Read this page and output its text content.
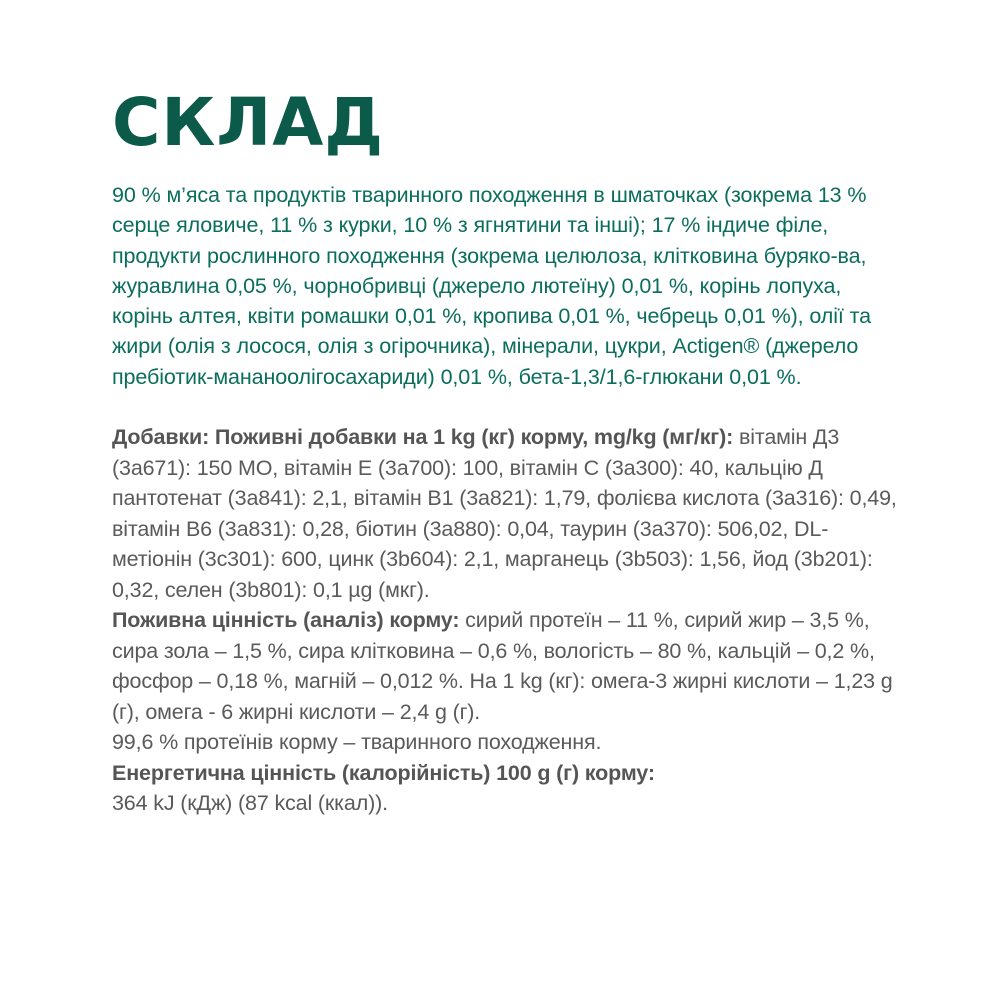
СКЛАД

90 % м’яса та продуктів тваринного походження в шматочках (зокрема 13 % серце яловиче, 11 % з курки, 10 % з ягнятини та інші); 17 % індиче філе, продукти рослинного походження (зокрема целюлоза, клітковина буряко-ва, журавлина 0,05 %, чорнобривці (джерело лютеїну) 0,01 %, корінь лопуха, корінь алтея, квіти ромашки 0,01 %, кропива 0,01 %, чебрець 0,01 %), олії та жири (олія з лосося, олія з огірочника), мінерали, цукри, Actigen® (джерело пребіотик-мананоолігосахариди) 0,01 %, бета-1,3/1,6-глюкани 0,01 %.

Добавки: Поживні добавки на 1 kg (кг) корму, mg/kg (мг/кг): вітамін Д3 (3а671): 150 МО, вітамін Е (3а700): 100, вітамін С (3а300): 40, кальцію Д пантотенат (3а841): 2,1, вітамін В1 (3а821): 1,79, фолієва кислота (3а316): 0,49, вітамін В6 (3а831): 0,28, біотин (3а880): 0,04, таурин (3а370): 506,02, DL-метіонін (3с301): 600, цинк (3b604): 2,1, марганець (3b503): 1,56, йод (3b201): 0,32, селен (3b801): 0,1 µg (мкг).

Поживна цінність (аналіз) корму: сирий протеїн – 11 %, сирий жир – 3,5 %, сира зола – 1,5 %, сира клітковина – 0,6 %, вологість – 80 %, кальцій – 0,2 %, фосфор – 0,18 %, магній – 0,012 %. На 1 kg (кг): омега-3 жирні кислоти – 1,23 g (г), омега - 6 жирні кислоти – 2,4 g (г).

99,6 % протеїнів корму – тваринного походження.

Енергетична цінність (калорійність) 100 g (г) корму:
364 kJ (кДж) (87 kcal (ккал)).
